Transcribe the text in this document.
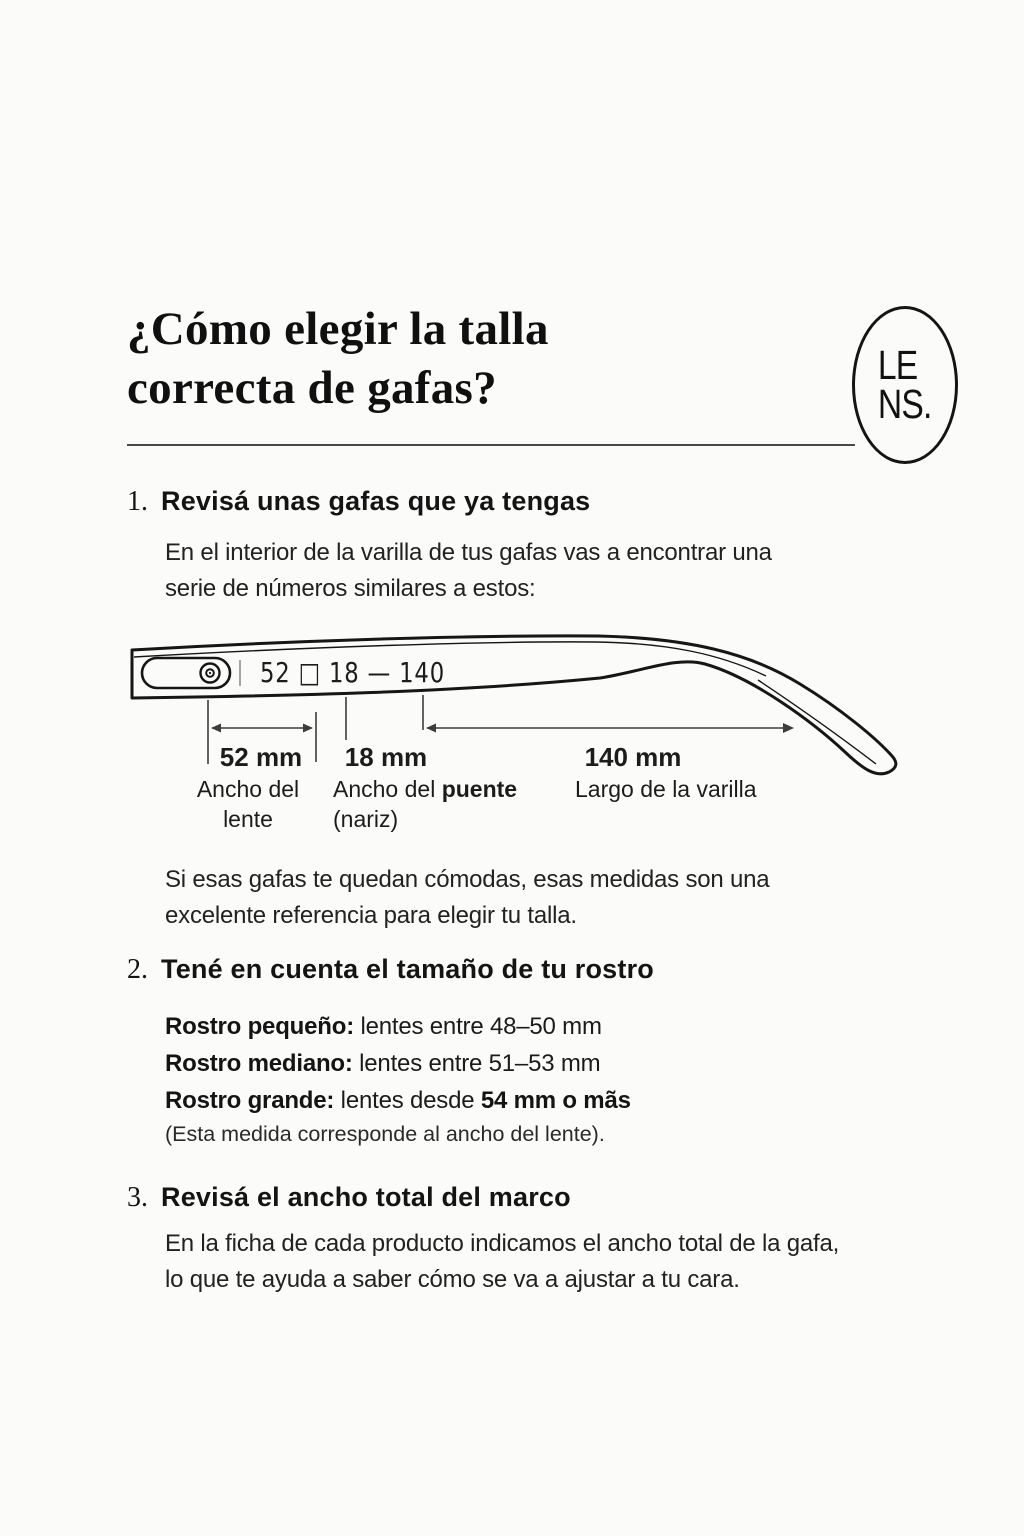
¿Cómo elegir la talla
correcta de gafas?	LE
NS.
1. Revisá unas gafas que ya tengas
En el interior de la varilla de tus gafas vas a encontrar una
serie de números similares a estos:
52 □ 18 — 140
52 mm 18 mm	140 mm
Ancho del
lente
Ancho del puente
(nariz)
Largo de la varilla
Si esas gafas te quedan cómodas, esas medidas son una
excelente referencia para elegir tu talla.
2. Tené en cuenta el tamaño de tu rostro
Rostro pequeño: lentes entre 48–50 mm
Rostro mediano: lentes entre 51–53 mm
Rostro grande: lentes desde 54 mm o mãs
(Esta medida corresponde al ancho del lente).
3. Revisá el ancho total del marco
En la ficha de cada producto indicamos el ancho total de la gafa,
lo que te ayuda a saber cómo se va a ajustar a tu cara.
